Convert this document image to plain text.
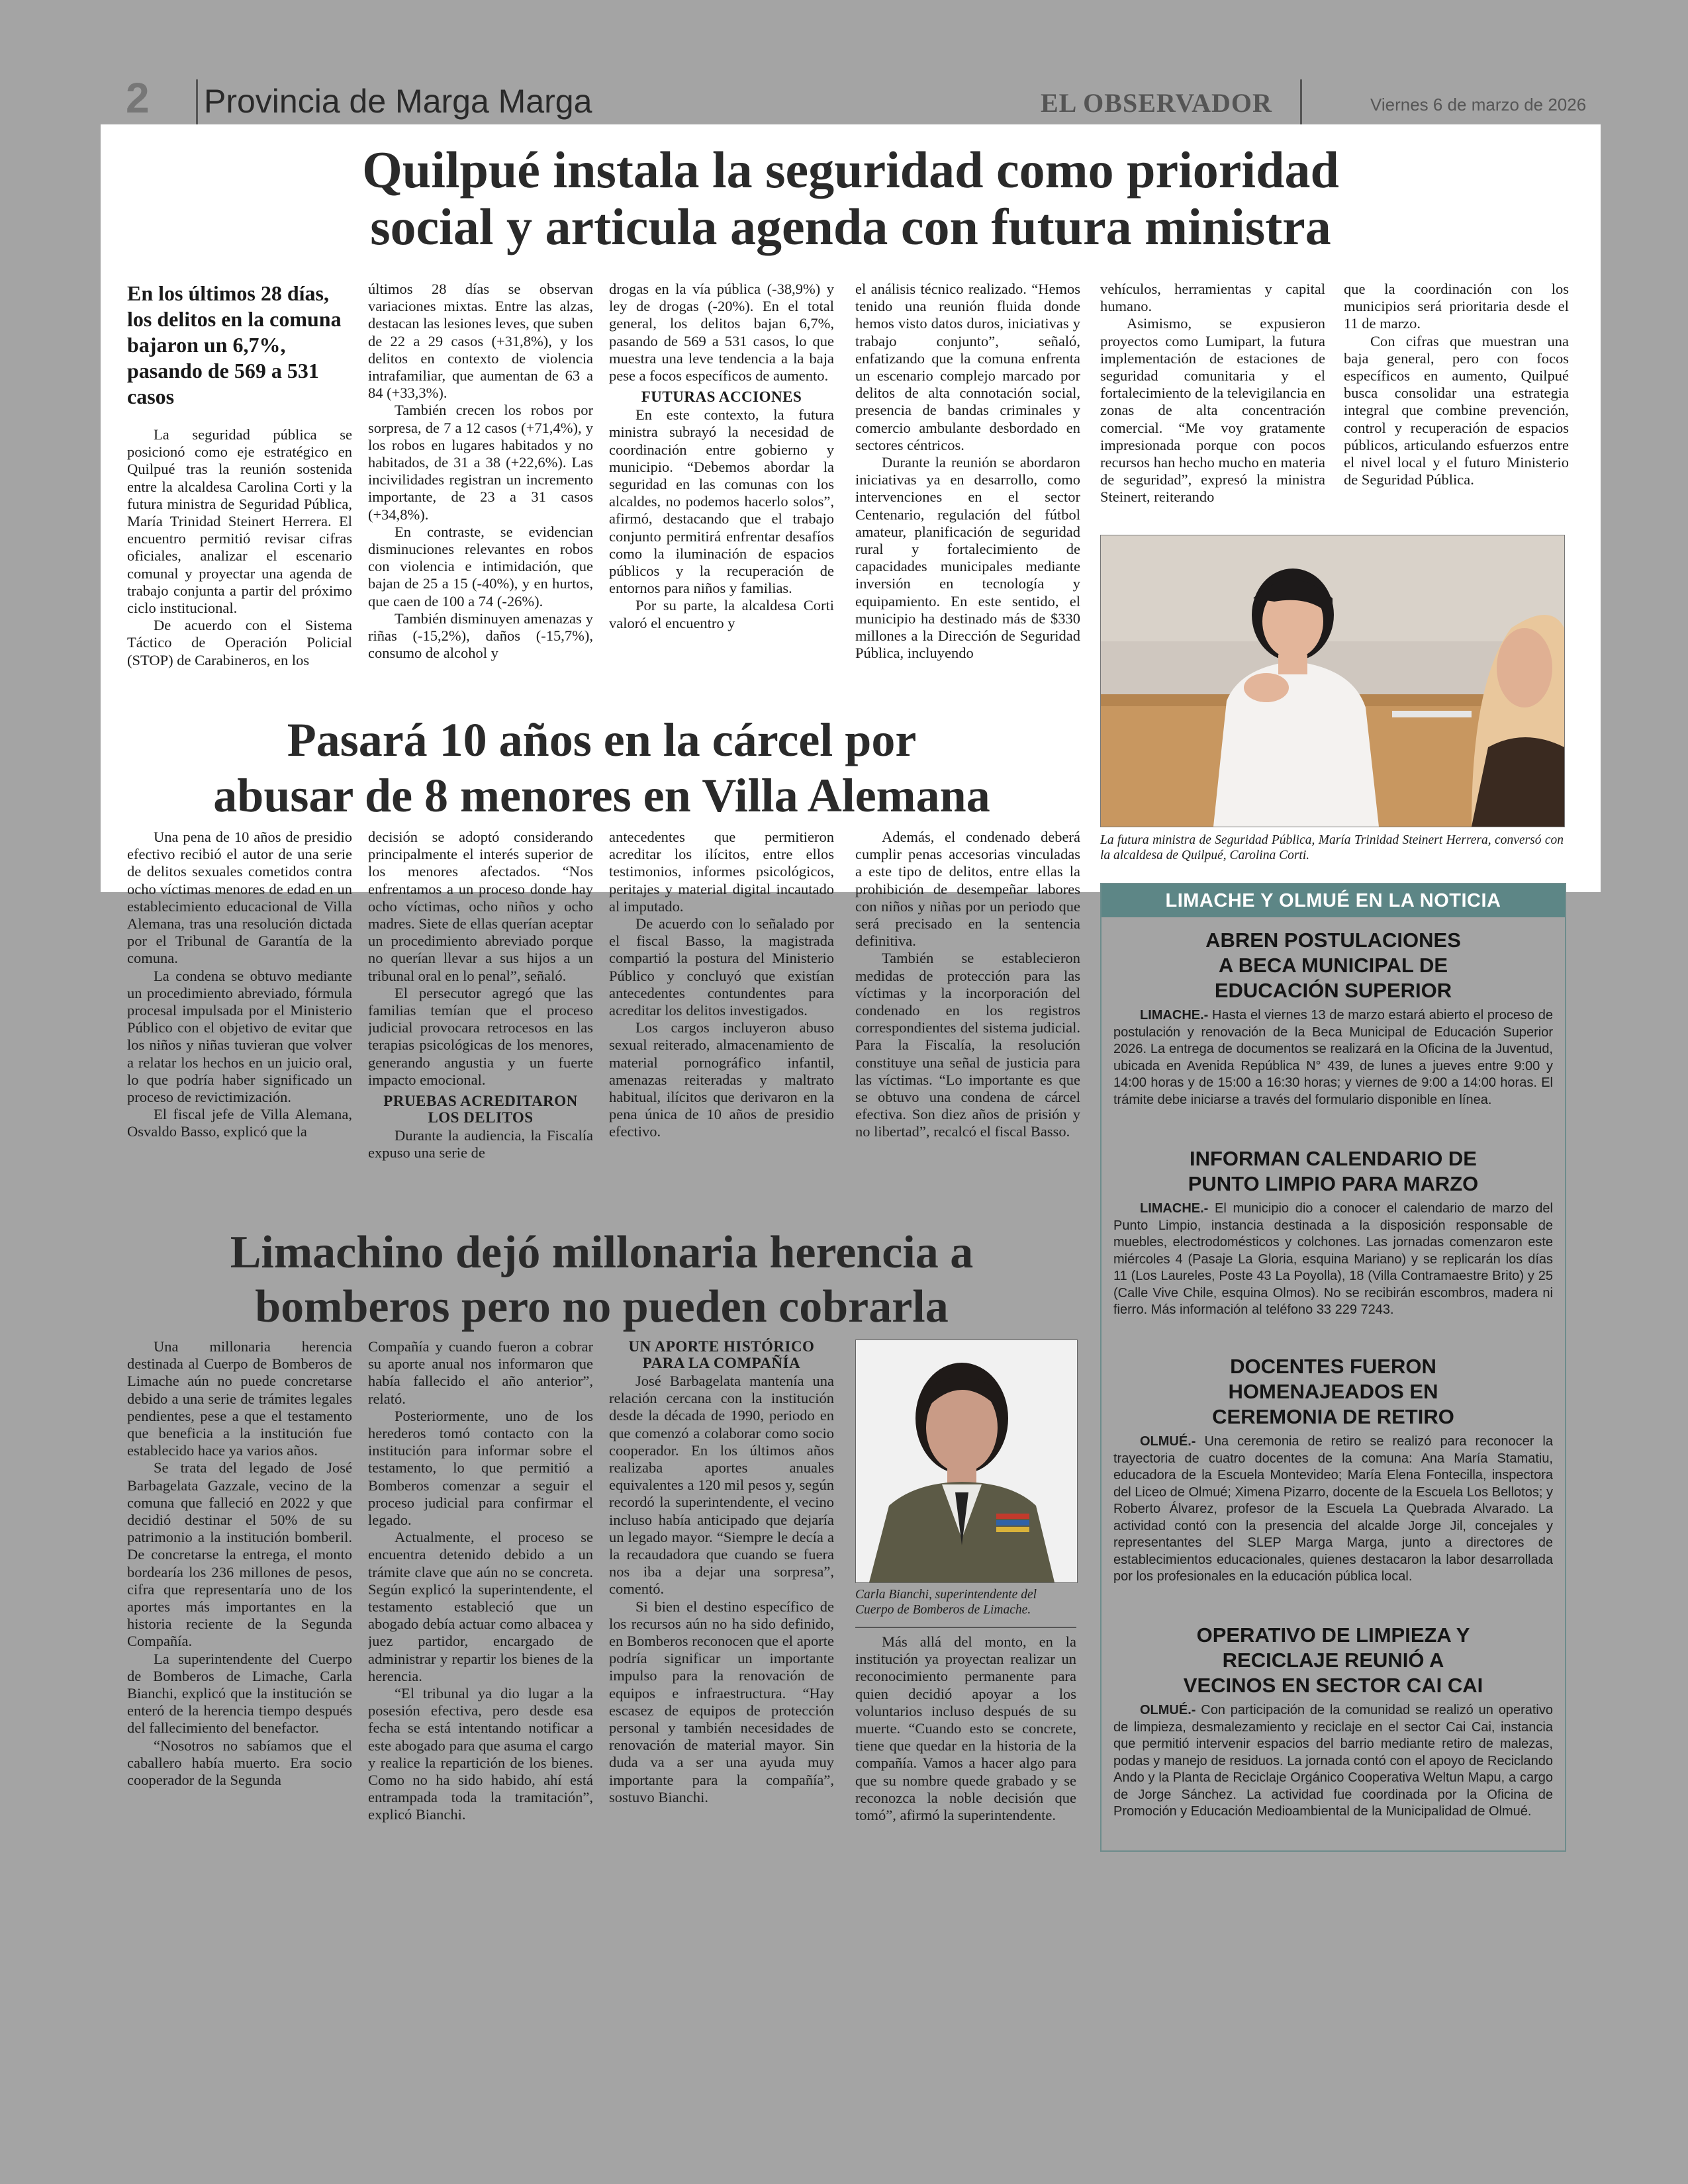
2 Provincia de Marga Marga	EL OBSERVADOR	Viernes 6 de marzo de 2026
Quilpué instala la seguridad como prioridad
social y articula agenda con futura ministra
En los últimos 28 días, los delitos en la comuna bajaron un 6,7%, pasando de 569 a 531 casos

La seguridad pública se posicionó como eje estratégico en Quilpué tras la reunión sostenida entre la alcaldesa Carolina Corti y la futura ministra de Seguridad Pública, María Trinidad Steinert Herrera. El encuentro permitió revisar cifras oficiales, analizar el escenario comunal y proyectar una agenda de trabajo conjunta a partir del próximo ciclo institucional.

De acuerdo con el Sistema Táctico de Operación Policial (STOP) de Carabineros, en los

últimos 28 días se observan variaciones mixtas. Entre las alzas, destacan las lesiones leves, que suben de 22 a 29 casos (+31,8%), y los delitos en contexto de violencia intrafamiliar, que aumentan de 63 a 84 (+33,3%).

También crecen los robos por sorpresa, de 7 a 12 casos (+71,4%), y los robos en lugares habitados y no habitados, de 31 a 38 (+22,6%). Las incivilidades registran un incremento importante, de 23 a 31 casos (+34,8%).

En contraste, se evidencian disminuciones relevantes en robos con violencia e intimidación, que bajan de 25 a 15 (-40%), y en hurtos, que caen de 100 a 74 (-26%).

También disminuyen amenazas y riñas (-15,2%), daños (-15,7%), consumo de alcohol y

drogas en la vía pública (-38,9%) y ley de drogas (-20%). En el total general, los delitos bajan 6,7%, pasando de 569 a 531 casos, lo que muestra una leve tendencia a la baja pese a focos específicos de aumento.

FUTURAS ACCIONES

En este contexto, la futura ministra subrayó la necesidad de coordinación entre gobierno y municipio. “Debemos abordar la seguridad en las comunas con los alcaldes, no podemos hacerlo solos”, afirmó, destacando que el trabajo conjunto permitirá enfrentar desafíos como la iluminación de espacios públicos y la recuperación de entornos para niños y familias.

Por su parte, la alcaldesa Corti valoró el encuentro y

el análisis técnico realizado. “Hemos tenido una reunión fluida donde hemos visto datos duros, iniciativas y trabajo conjunto”, señaló, enfatizando que la comuna enfrenta un escenario complejo marcado por delitos de alta connotación social, presencia de bandas criminales y comercio ambulante desbordado en sectores céntricos.

Durante la reunión se abordaron iniciativas ya en desarrollo, como intervenciones en el sector Centenario, regulación del fútbol amateur, planificación de seguridad rural y fortalecimiento de capacidades municipales mediante inversión en tecnología y equipamiento. En este sentido, el municipio ha destinado más de $330 millones a la Dirección de Seguridad Pública, incluyendo

vehículos, herramientas y capital humano.

Asimismo, se expusieron proyectos como Lumipart, la futura implementación de estaciones de seguridad comunitaria y el fortalecimiento de la televigilancia en zonas de alta concentración comercial. “Me voy gratamente impresionada porque con pocos recursos han hecho mucho en materia de seguridad”, expresó la ministra Steinert, reiterando

que la coordinación con los municipios será prioritaria desde el 11 de marzo.

Con cifras que muestran una baja general, pero con focos específicos en aumento, Quilpué busca consolidar una estrategia integral que combine prevención, control y recuperación de espacios públicos, articulando esfuerzos entre el nivel local y el futuro Ministerio de Seguridad Pública.

La futura ministra de Seguridad Pública, María Trinidad Steinert Herrera, conversó con la alcaldesa de Quilpué, Carolina Corti.
Pasará 10 años en la cárcel por
abusar de 8 menores en Villa Alemana

Una pena de 10 años de presidio efectivo recibió el autor de una serie de delitos sexuales cometidos contra ocho víctimas menores de edad en un establecimiento educacional de Villa Alemana, tras una resolución dictada por el Tribunal de Garantía de la comuna.

La condena se obtuvo mediante un procedimiento abreviado, fórmula procesal impulsada por el Ministerio Público con el objetivo de evitar que los niños y niñas tuvieran que volver a relatar los hechos en un juicio oral, lo que podría haber significado un proceso de revictimización.

El fiscal jefe de Villa Alemana, Osvaldo Basso, explicó que la

decisión se adoptó considerando principalmente el interés superior de los menores afectados. “Nos enfrentamos a un proceso donde hay ocho víctimas, ocho niños y ocho madres. Siete de ellas querían aceptar un procedimiento abreviado porque no querían llevar a sus hijos a un tribunal oral en lo penal”, señaló.

El persecutor agregó que las familias temían que el proceso judicial provocara retrocesos en las terapias psicológicas de los menores, generando angustia y un fuerte impacto emocional.

PRUEBAS ACREDITARON
LOS DELITOS

Durante la audiencia, la Fiscalía expuso una serie de

antecedentes que permitieron acreditar los ilícitos, entre ellos testimonios, informes psicológicos, peritajes y material digital incautado al imputado.

De acuerdo con lo señalado por el fiscal Basso, la magistrada compartió la postura del Ministerio Público y concluyó que existían antecedentes contundentes para acreditar los delitos investigados.

Los cargos incluyeron abuso sexual reiterado, almacenamiento de material pornográfico infantil, amenazas reiteradas y maltrato habitual, ilícitos que derivaron en la pena única de 10 años de presidio efectivo.

Además, el condenado deberá cumplir penas accesorias vinculadas a este tipo de delitos, entre ellas la prohibición de desempeñar labores con niños y niñas por un periodo que será precisado en la sentencia definitiva.

También se establecieron medidas de protección para las víctimas y la incorporación del condenado en los registros correspondientes del sistema judicial. Para la Fiscalía, la resolución constituye una señal de justicia para las víctimas. “Lo importante es que se obtuvo una condena de cárcel efectiva. Son diez años de prisión y no libertad”, recalcó el fiscal Basso.

Limachino dejó millonaria herencia a
bomberos pero no pueden cobrarla

Una millonaria herencia destinada al Cuerpo de Bomberos de Limache aún no puede concretarse debido a una serie de trámites legales pendientes, pese a que el testamento que beneficia a la institución fue establecido hace ya varios años.

Se trata del legado de José Barbagelata Gazzale, vecino de la comuna que falleció en 2022 y que decidió destinar el 50% de su patrimonio a la institución bomberil. De concretarse la entrega, el monto bordearía los 236 millones de pesos, cifra que representaría uno de los aportes más importantes en la historia reciente de la Segunda Compañía.

La superintendente del Cuerpo de Bomberos de Limache, Carla Bianchi, explicó que la institución se enteró de la herencia tiempo después del fallecimiento del benefactor.

“Nosotros no sabíamos que el caballero había muerto. Era socio cooperador de la Segunda

Compañía y cuando fueron a cobrar su aporte anual nos informaron que había fallecido el año anterior”, relató.

Posteriormente, uno de los herederos tomó contacto con la institución para informar sobre el testamento, lo que permitió a Bomberos comenzar a seguir el proceso judicial para confirmar el legado.

Actualmente, el proceso se encuentra detenido debido a un trámite clave que aún no se concreta. Según explicó la superintendente, el testamento estableció que un abogado debía actuar como albacea y juez partidor, encargado de administrar y repartir los bienes de la herencia.

“El tribunal ya dio lugar a la posesión efectiva, pero desde esa fecha se está intentando notificar a este abogado para que asuma el cargo y realice la repartición de los bienes. Como no ha sido habido, ahí está entrampada toda la tramitación”, explicó Bianchi.

UN APORTE HISTÓRICO
PARA LA COMPAÑÍA

José Barbagelata mantenía una relación cercana con la institución desde la década de 1990, periodo en que comenzó a colaborar como socio cooperador. En los últimos años realizaba aportes anuales equivalentes a 120 mil pesos y, según recordó la superintendente, el vecino incluso había anticipado que dejaría un legado mayor. “Siempre le decía a la recaudadora que cuando se fuera nos iba a dejar una sorpresa”, comentó.

Si bien el destino específico de los recursos aún no ha sido definido, en Bomberos reconocen que el aporte podría significar un importante impulso para la renovación de equipos e infraestructura. “Hay escasez de equipos de protección personal y también necesidades de renovación de material mayor. Sin duda va a ser una ayuda muy importante para la compañía”, sostuvo Bianchi.

Carla Bianchi, superintendente del Cuerpo de Bomberos de Limache.

Más allá del monto, en la institución ya proyectan realizar un reconocimiento permanente para quien decidió apoyar a los voluntarios incluso después de su muerte. “Cuando esto se concrete, tiene que quedar en la historia de la compañía. Vamos a hacer algo para que su nombre quede grabado y se reconozca la noble decisión que tomó”, afirmó la superintendente.

LIMACHE Y OLMUÉ EN LA NOTICIA

ABREN POSTULACIONES
A BECA MUNICIPAL DE
EDUCACIÓN SUPERIOR

LIMACHE.- Hasta el viernes 13 de marzo estará abierto el proceso de postulación y renovación de la Beca Municipal de Educación Superior 2026. La entrega de documentos se realizará en la Oficina de la Juventud, ubicada en Avenida República N° 439, de lunes a jueves entre 9:00 y 14:00 horas y de 15:00 a 16:30 horas; y viernes de 9:00 a 14:00 horas. El trámite debe iniciarse a través del formulario disponible en línea.

INFORMAN CALENDARIO DE
PUNTO LIMPIO PARA MARZO

LIMACHE.- El municipio dio a conocer el calendario de marzo del Punto Limpio, instancia destinada a la disposición responsable de muebles, electrodomésticos y colchones. Las jornadas comenzaron este miércoles 4 (Pasaje La Gloria, esquina Mariano) y se replicarán los días 11 (Los Laureles, Poste 43 La Poyolla), 18 (Villa Contramaestre Brito) y 25 (Calle Vive Chile, esquina Olmos). No se recibirán escombros, madera ni fierro. Más información al teléfono 33 229 7243.

DOCENTES FUERON
HOMENAJEADOS EN
CEREMONIA DE RETIRO

OLMUÉ.- Una ceremonia de retiro se realizó para reconocer la trayectoria de cuatro docentes de la comuna: Ana María Stamatiu, educadora de la Escuela Montevideo; María Elena Fontecilla, inspectora del Liceo de Olmué; Ximena Pizarro, docente de la Escuela Los Bellotos; y Roberto Álvarez, profesor de la Escuela La Quebrada Alvarado. La actividad contó con la presencia del alcalde Jorge Jil, concejales y representantes del SLEP Marga Marga, junto a directores de establecimientos educacionales, quienes destacaron la labor desarrollada por los profesionales en la educación pública local.

OPERATIVO DE LIMPIEZA Y
RECICLAJE REUNIÓ A
VECINOS EN SECTOR CAI CAI

OLMUÉ.- Con participación de la comunidad se realizó un operativo de limpieza, desmalezamiento y reciclaje en el sector Cai Cai, instancia que permitió intervenir espacios del barrio mediante retiro de malezas, podas y manejo de residuos. La jornada contó con el apoyo de Reciclando Ando y la Planta de Reciclaje Orgánico Cooperativa Weltun Mapu, a cargo de Jorge Sánchez. La actividad fue coordinada por la Oficina de Promoción y Educación Medioambiental de la Municipalidad de Olmué.
